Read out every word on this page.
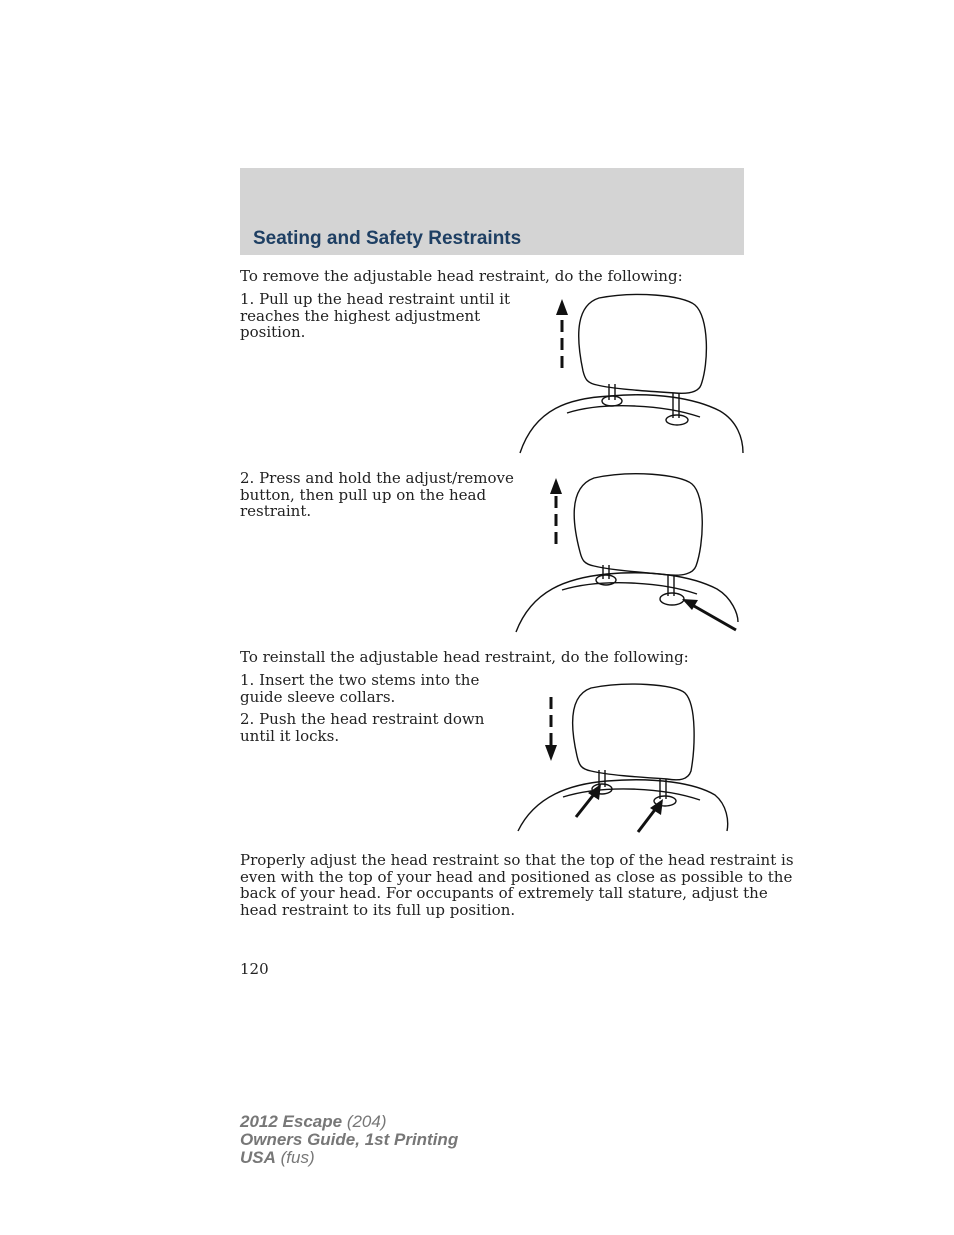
Seating and Safety Restraints

To remove the adjustable head restraint, do the following:

1. Pull up the head restraint until it
reaches the highest adjustment
position.
2. Press and hold the adjust/remove
button, then pull up on the head
restraint.

To reinstall the adjustable head restraint, do the following:

1. Insert the two stems into the
guide sleeve collars.
2. Push the head restraint down
until it locks.
Properly adjust the head restraint so that the top of the head restraint is
even with the top of your head and positioned as close as possible to the
back of your head. For occupants of extremely tall stature, adjust the
head restraint to its full up position.

120

2012 Escape (204)
Owners Guide, 1st Printing
USA (fus)
